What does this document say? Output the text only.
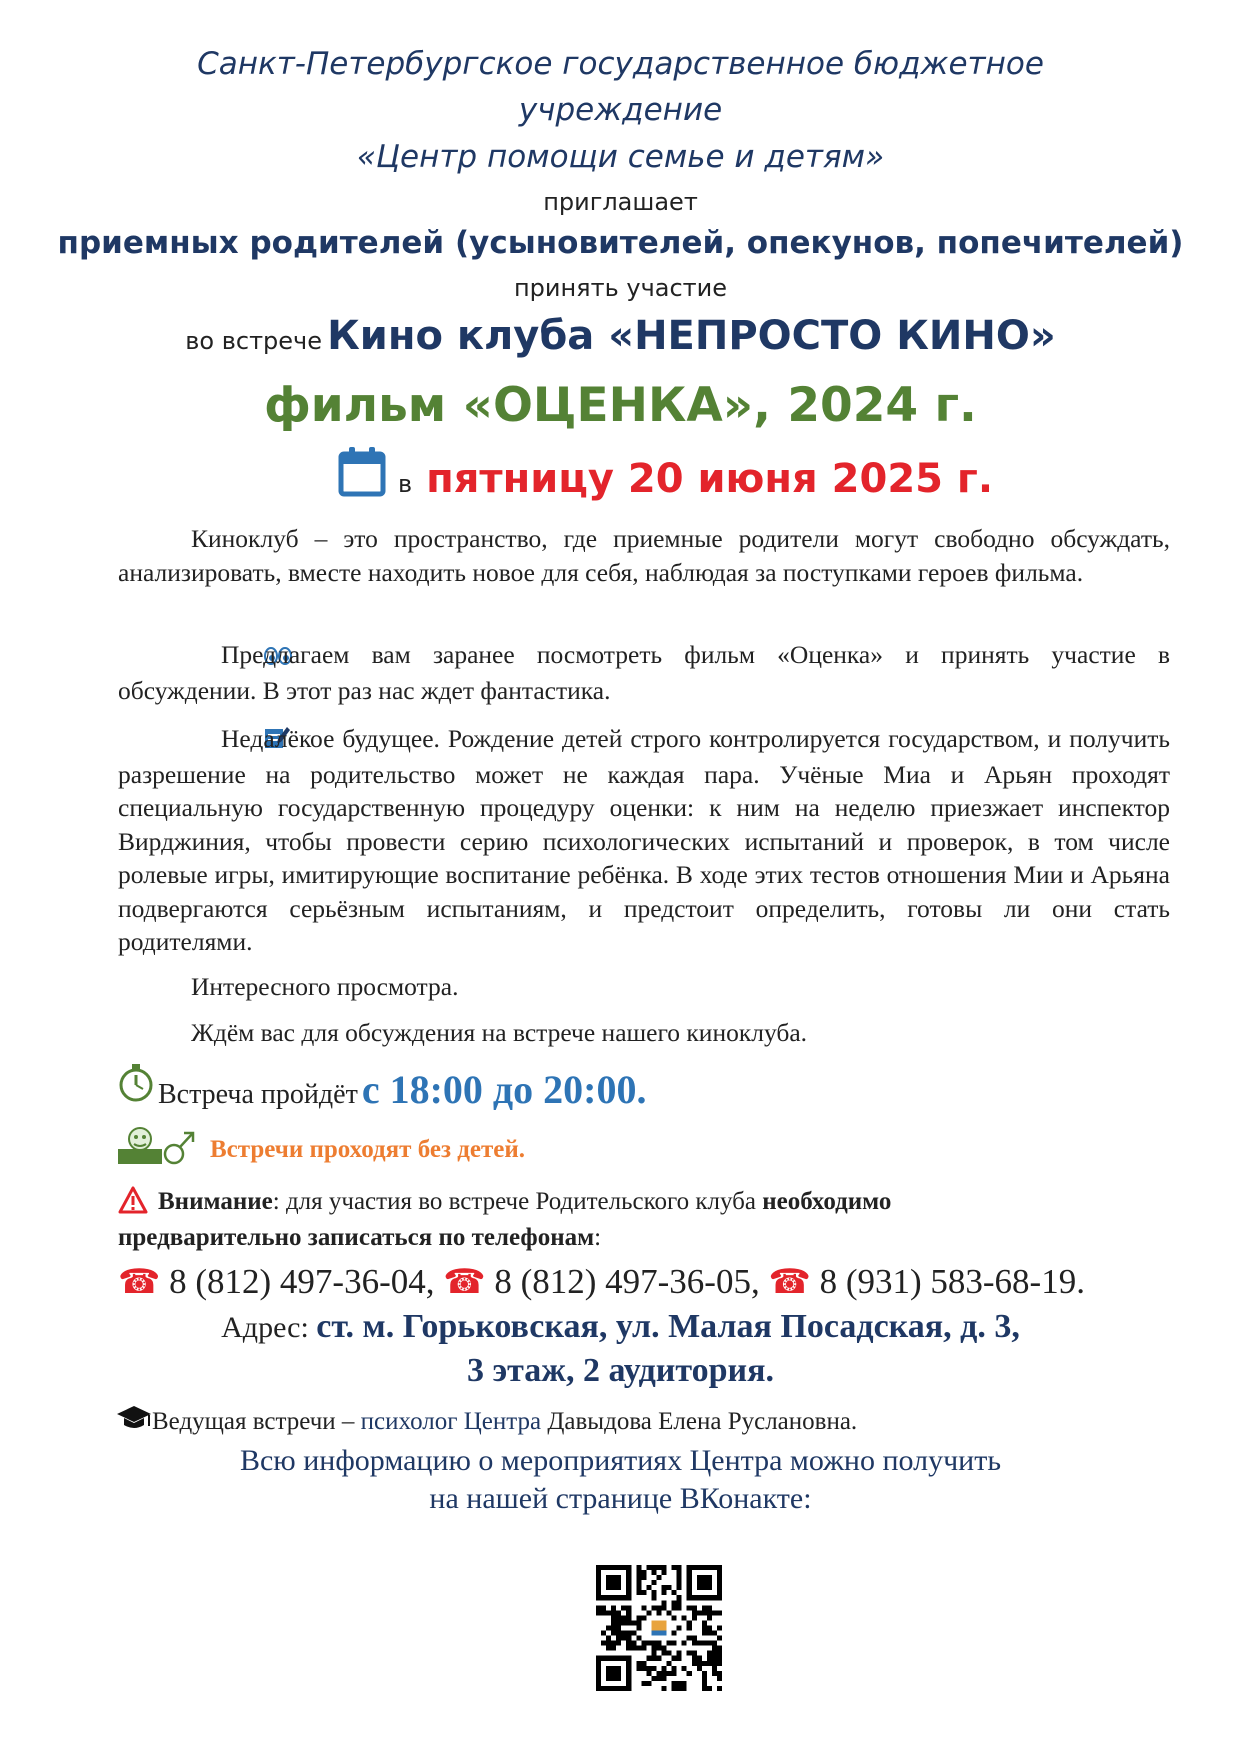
Санкт-Петербургское государственное бюджетное
учреждение
«Центр помощи семье и детям»
приглашает
приемных родителей (усыновителей, опекунов, попечителей)
принять участие
во встрече Кино клуба «НЕПРОСТО КИНО»
фильм «ОЦЕНКА», 2024 г.
в пятницу 20 июня 2025 г.
Киноклуб – это пространство, где приемные родители могут свободно обсуждать, анализировать, вместе находить новое для себя, наблюдая за поступками героев фильма.
Предлагаем вам заранее посмотреть фильм «Оценка» и принять участие в обсуждении. В этот раз нас ждет фантастика.
Недалёкое будущее. Рождение детей строго контролируется государством, и получить разрешение на родительство может не каждая пара. Учёные Миа и Арьян проходят специальную государственную процедуру оценки: к ним на неделю приезжает инспектор Вирджиния, чтобы провести серию психологических испытаний и проверок, в том числе ролевые игры, имитирующие воспитание ребёнка. В ходе этих тестов отношения Мии и Арьяна подвергаются серьёзным испытаниям, и предстоит определить, готовы ли они стать родителями.
Интересного просмотра.
Ждём вас для обсуждения на встрече нашего киноклуба.
Встреча пройдёт с 18:00 до 20:00.
Встречи проходят без детей.
Внимание: для участия во встрече Родительского клуба необходимо
предварительно записаться по телефонам:
☎ 8 (812) 497-36-04, ☎ 8 (812) 497-36-05, ☎ 8 (931) 583-68-19.
Адрес: ст. м. Горьковская, ул. Малая Посадская, д. 3,
3 этаж, 2 аудитория.
Ведущая встречи – психолог Центра Давыдова Елена Руслановна.
Всю информацию о мероприятиях Центра можно получить
на нашей странице ВКонакте:
